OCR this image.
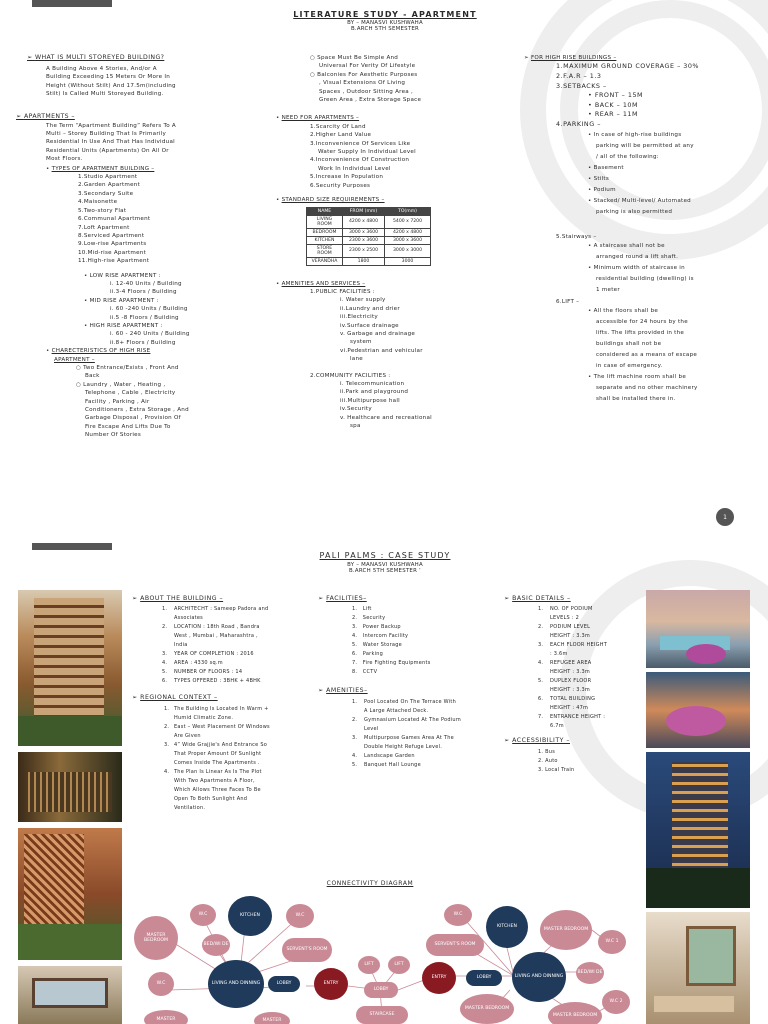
LITERATURE STUDY - APARTMENT
BY – MANASVI KUSHWAHA
B.ARCH 5TH SEMESTER
➢ WHAT IS MULTI STOREYED BUILDING?
A Building Above 4 Stories, And/or A
Building Exceeding 15 Meters Or More In
Height (Without Stilt) And 17.5m(including
Stilt) Is Called Multi Storeyed Building.
➢ APARTMENTS –
The Term “Apartment Building” Refers To A
Multi – Storey Building That Is Primarily
Residential In Use And That Has Individual
Residential Units (Apartments) On All Or
Most Floors.
• TYPES OF APARTMENT BUILDING –
1.Studio Apartment
2.Garden Apartment
3.Secondary Suite
4.Maisonette
5.Two-story Flat
6.Communal Apartment
7.Loft Apartment
8.Serviced Apartment
9.Low-rise Apartments
10.Mid-rise Apartment
11.High-rise Apartment
• LOW RISE APARTMENT :
i. 12-40 Units / Building
ii.3-4 Floors / Building
• MID RISE APARTMENT :
i. 60 -240 Units / Building
ii.5 -8 Floors / Building
• HIGH RISE APARTMENT :
i. 60 - 240 Units / Building
ii.8+ Floors / Building
• CHARECTERISTICS OF HIGH RISE
APARTMENT –
○ Two Entrance/Exists , Front And
Back
○ Laundry , Water , Heating ,
Telephone , Cable , Electricity
Facility , Parking , Air
Conditioners , Extra Storage , And
Garbage Disposal , Provision Of
Fire Escape And Lifts Due To
Number Of Stories
○ Space Must Be Simple And
Universal For Verity Of Lifestyle
○ Balconies For Aesthetic Purposes
, Visual Extensions Of Living
Spaces , Outdoor Sitting Area ,
Green Area , Extra Storage Space
• NEED FOR APARTMENTS –
1.Scarcity Of Land
2.Higher Land Value
3.Inconvenience Of Services Like
Water Supply In Individual Level
4.Inconvenience Of Construction
Work In Individual Level
5.Increase In Population
6.Security Purposes
• STANDARD SIZE REQUIREMENTS –
NAME	FROM (mm)	TO(mm)
LIVING ROOM	4200 x 4800	5400 x 7200
BEDROOM	3000 x 3600	4200 x 4800
KITCHEN	2300 x 3600	3000 x 3600
STORE ROOM	2300 x 2500	3000 x 3000
VERANDHA	1800	3000
• AMENITIES AND SERVICES –
1.PUBLIC FACILITIES :
i. Water supply
ii.Laundry and drier
iii.Electricity
iv.Surface drainage
v. Garbage and drainage
system
vi.Pedestrian and vehicular
lane
2.COMMUNITY FACILITIES :
i. Telecommunication
ii.Park and playground
iii.Multipurpose hall
iv.Security
v. Healthcare and recreational
spa
➢ FOR HIGH RISE BUILDINGS –
1.MAXIMUM GROUND COVERAGE – 30%
2.F.A.R – 1.3
3.SETBACKS –
• FRONT – 15M
• BACK – 10M
• REAR – 11M
4.PARKING –
• In case of high-rise buildings
parking will be permitted at any
/ all of the following:
• Basement
• Stilts
• Podium
• Stacked/ Multi-level/ Automated
parking is also permitted
5.Stairways –
• A staircase shall not be
arranged round a lift shaft.
• Minimum width of staircase in
residential building (dwelling) is
1 meter
6.LIFT –
• All the floors shall be
accessible for 24 hours by the
lifts. The lifts provided in the
buildings shall not be
considered as a means of escape
in case of emergency.
• The lift machine room shall be
separate and no other machinery
shall be installed there in.
1
PALI PALMS : CASE STUDY
BY – MANASVI KUSHWAHA
B.ARCH 5TH SEMESTER ‘
➢ ABOUT THE BUILDING –
1.	ARCHITECHT : Sameep Padora and
Associates
2.	LOCATION : 18th Road , Bandra
West , Mumbai , Maharashtra ,
India
3.	YEAR OF COMPLETION : 2016
4.	AREA : 4330 sq.m
5.	NUMBER OF FLOORS : 14
6.	TYPES OFFERED : 3BHK + 4BHK
➢ REGIONAL CONTEXT –
1. The Building Is Located In Warm +
Humid Climatic Zone.
2. East – West Placement Of Windows
Are Given
3. 4” Wide Grajjie's And Entrance So
That Proper Amount Of Sunlight
Comes Inside The Apartments .
4. The Plan Is Linear As Is The Plot
With Two Apartments A Floor,
Which Allows Three Faces To Be
Open To Both Sunlight And
Ventilation.
➢ FACILITIES–
1.   Lift
2.   Security
3.   Power Backup
4.   Intercom Facility
5.   Water Storage
6.   Parking
7.   Fire Fighting Equipments
8.   CCTV
➢ AMENITIES–
1.	Pool Located On The Terrace With
A Large Attached Deck.
2.	Gymnasium Located At The Podium
Level
3.	Multipurpose Games Area At The
Double Height Refuge Level.
4.	Landscape Garden
5.	Banquet Hall Lounge
➢ BASIC DETAILS –
1.	NO. OF PODIUM
LEVELS : 2
2.	PODIUM LEVEL
HEIGHT : 3.3m
3.	EACH FLOOR HEIGHT
: 3.6m
4.	REFUGEE AREA
HEIGHT : 3.3m
5.	DUPLEX FLOOR
HEIGHT : 3.3m
6.	TOTAL BUILDING
HEIGHT : 47m
7.	ENTRANCE HEIGHT :
6.7m
➢ ACCESSIBILITY –
1. Bus
2. Auto
3. Local Train
CONNECTIVITY DIAGRAM
MASTER BEDROOM
W.C	KITCHEN	W.C
SERVENT'S ROOM
BED/WI DE
LIVING AND DINNING
W.C	LOBBY	ENTRY
LIFT	LIFT
LOBBY
STAIRCASE
MASTER	MASTER
ENTRY	LOBBY
W.C
SERVENT'S ROOM
KITCHEN
LIVING AND DINNING
MASTER BEDROOM
W.C 1
BED/WI DE
W.C 2
MASTER BEDROOM
MASTER BEDROOM
